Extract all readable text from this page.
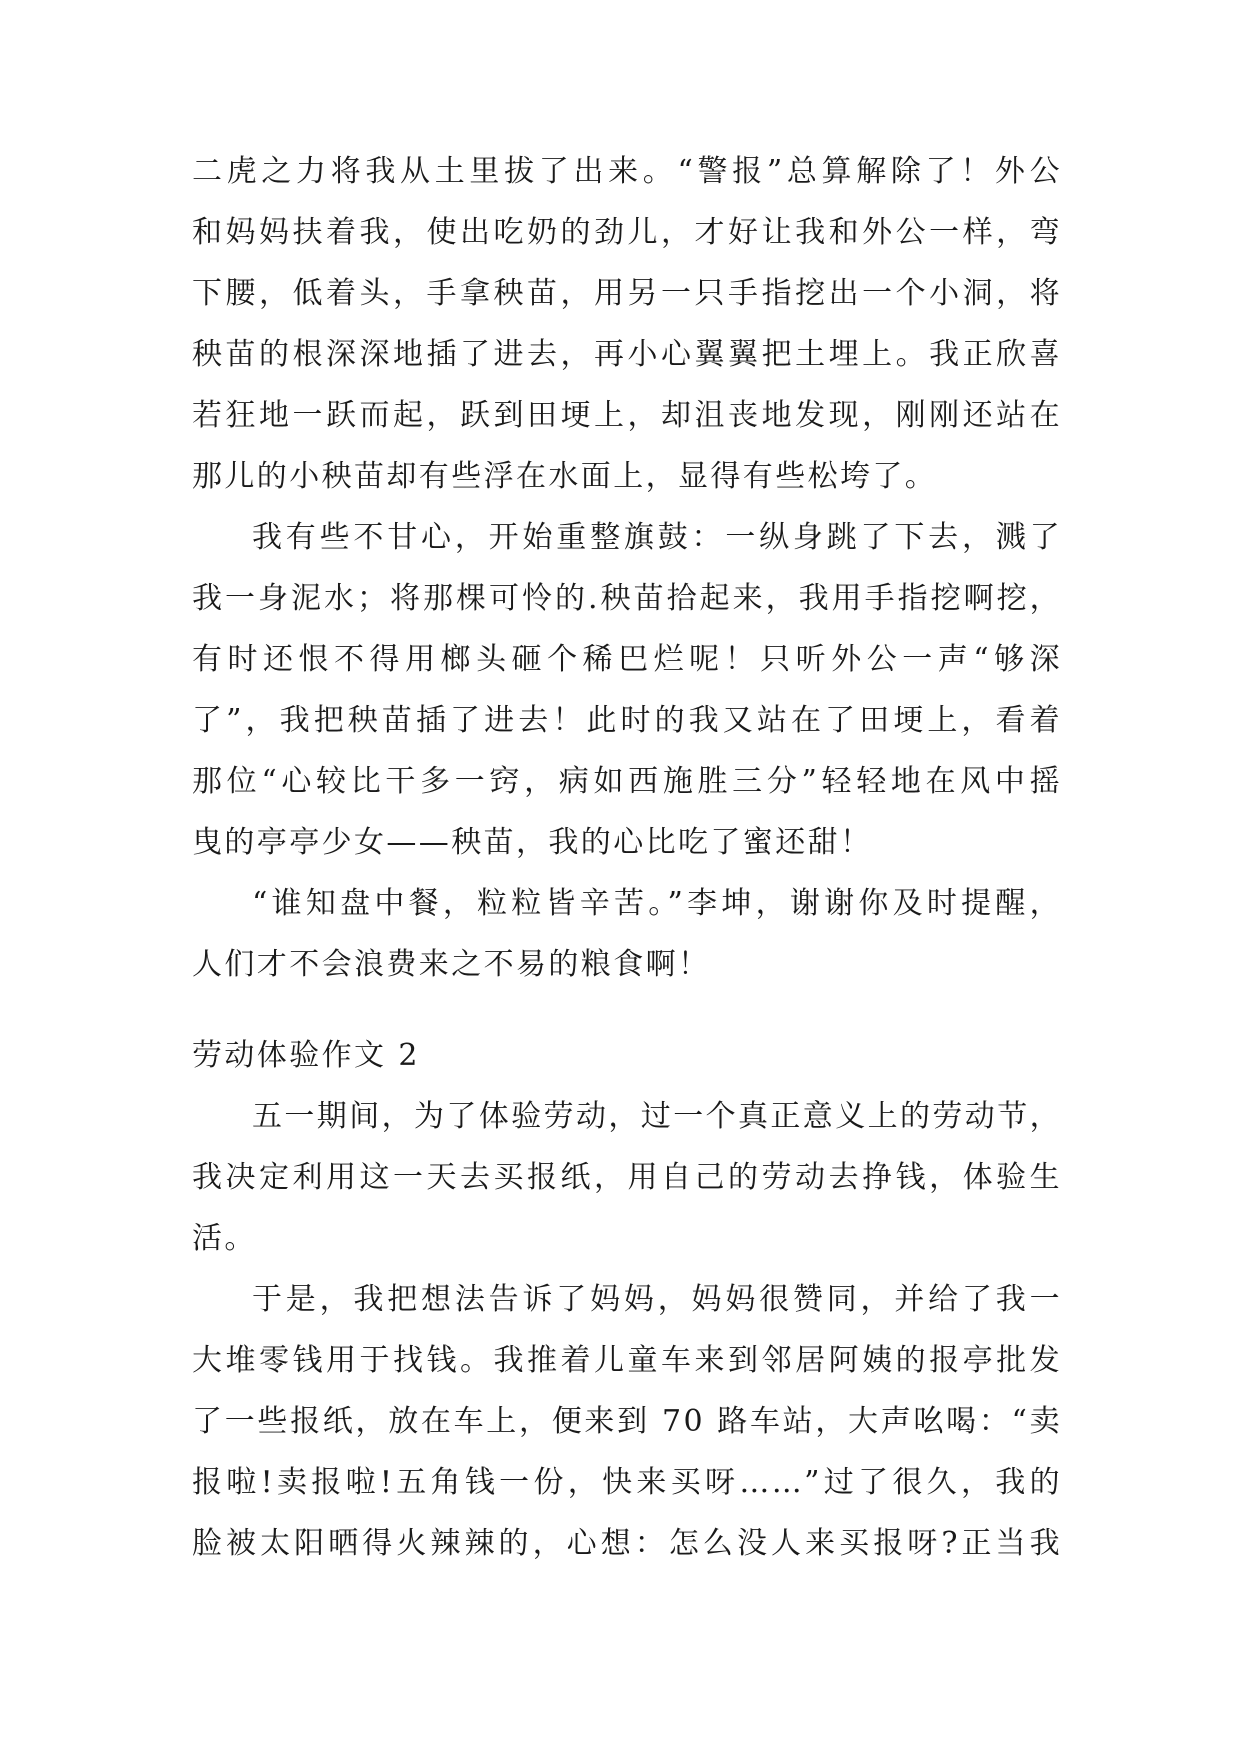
二虎之力将我从土里拔了出来。“警报”总算解除了！外公
和妈妈扶着我，使出吃奶的劲儿，才好让我和外公一样，弯
下腰，低着头，手拿秧苗，用另一只手指挖出一个小洞，将
秧苗的根深深地插了进去，再小心翼翼把土埋上。我正欣喜
若狂地一跃而起，跃到田埂上，却沮丧地发现，刚刚还站在
那儿的小秧苗却有些浮在水面上，显得有些松垮了。
我有些不甘心，开始重整旗鼓：一纵身跳了下去，溅了
我一身泥水；将那棵可怜的.秧苗拾起来，我用手指挖啊挖，
有时还恨不得用榔头砸个稀巴烂呢！只听外公一声“够深
了”，我把秧苗插了进去！此时的我又站在了田埂上，看着
那位“心较比干多一窍，病如西施胜三分”轻轻地在风中摇
曳的亭亭少女——秧苗，我的心比吃了蜜还甜！
“谁知盘中餐，粒粒皆辛苦。”李坤，谢谢你及时提醒，
人们才不会浪费来之不易的粮食啊！
劳动体验作文 2
五一期间，为了体验劳动，过一个真正意义上的劳动节，
我决定利用这一天去买报纸，用自己的劳动去挣钱，体验生
活。
于是，我把想法告诉了妈妈，妈妈很赞同，并给了我一
大堆零钱用于找钱。我推着儿童车来到邻居阿姨的报亭批发
了一些报纸，放在车上，便来到 70 路车站，大声吆喝：“卖
报啦!卖报啦!五角钱一份，快来买呀……”过了很久，我的
脸被太阳晒得火辣辣的，心想：怎么没人来买报呀?正当我
